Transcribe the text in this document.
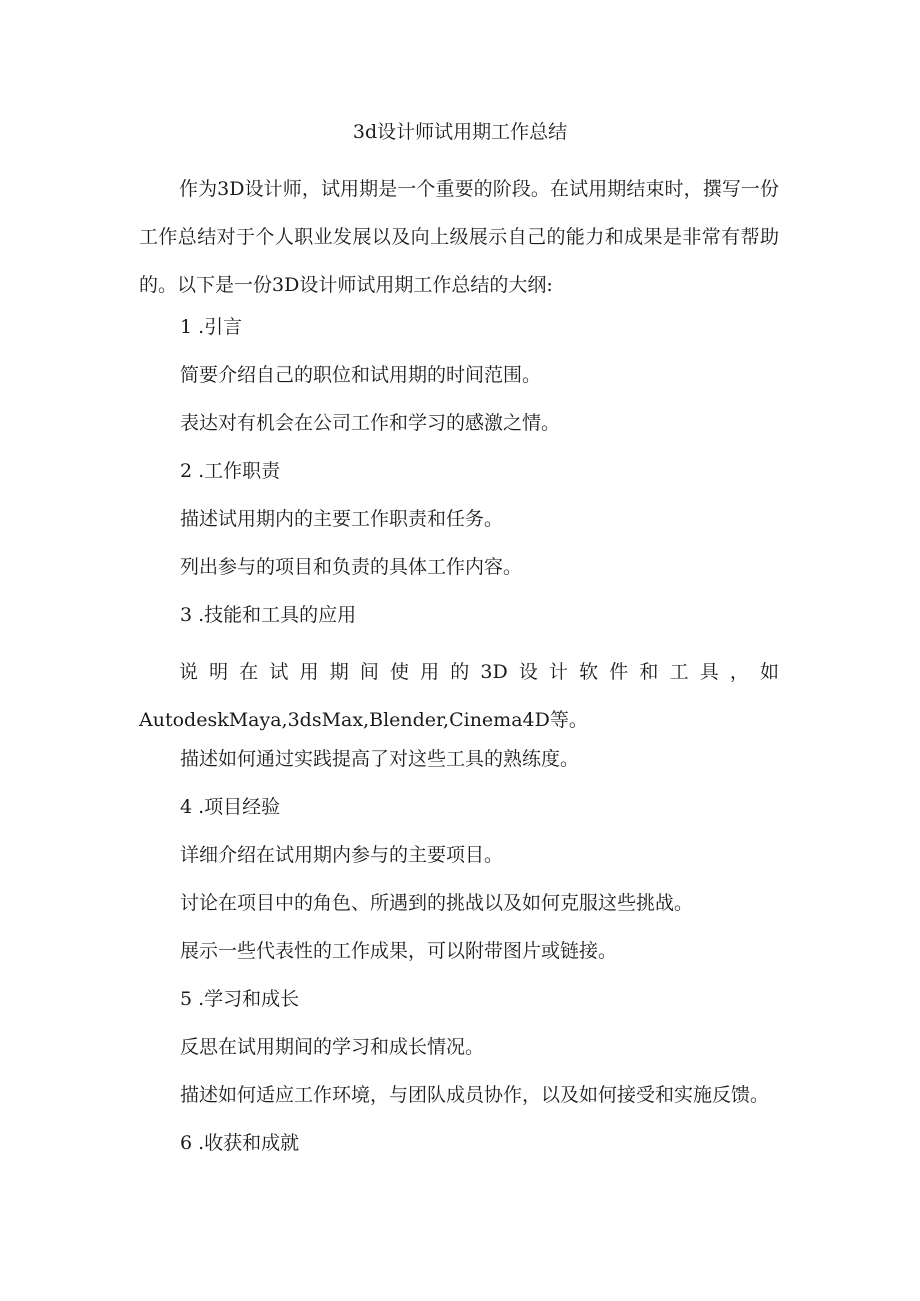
3d设计师试用期工作总结

作为3D设计师，试用期是一个重要的阶段。在试用期结束时，撰写一份工作总结对于个人职业发展以及向上级展示自己的能力和成果是非常有帮助的。以下是一份3D设计师试用期工作总结的大纲:

1 .引言

简要介绍自己的职位和试用期的时间范围。

表达对有机会在公司工作和学习的感激之情。

2 .工作职责

描述试用期内的主要工作职责和任务。

列出参与的项目和负责的具体工作内容。

3 .技能和工具的应用

说明在试用期间使用的3D设计软件和工具，如AutodeskMaya,3dsMax,Blender,Cinema4D等。

描述如何通过实践提高了对这些工具的熟练度。

4 .项目经验

详细介绍在试用期内参与的主要项目。

讨论在项目中的角色、所遇到的挑战以及如何克服这些挑战。

展示一些代表性的工作成果，可以附带图片或链接。

5 .学习和成长

反思在试用期间的学习和成长情况。

描述如何适应工作环境，与团队成员协作，以及如何接受和实施反馈。

6 .收获和成就
